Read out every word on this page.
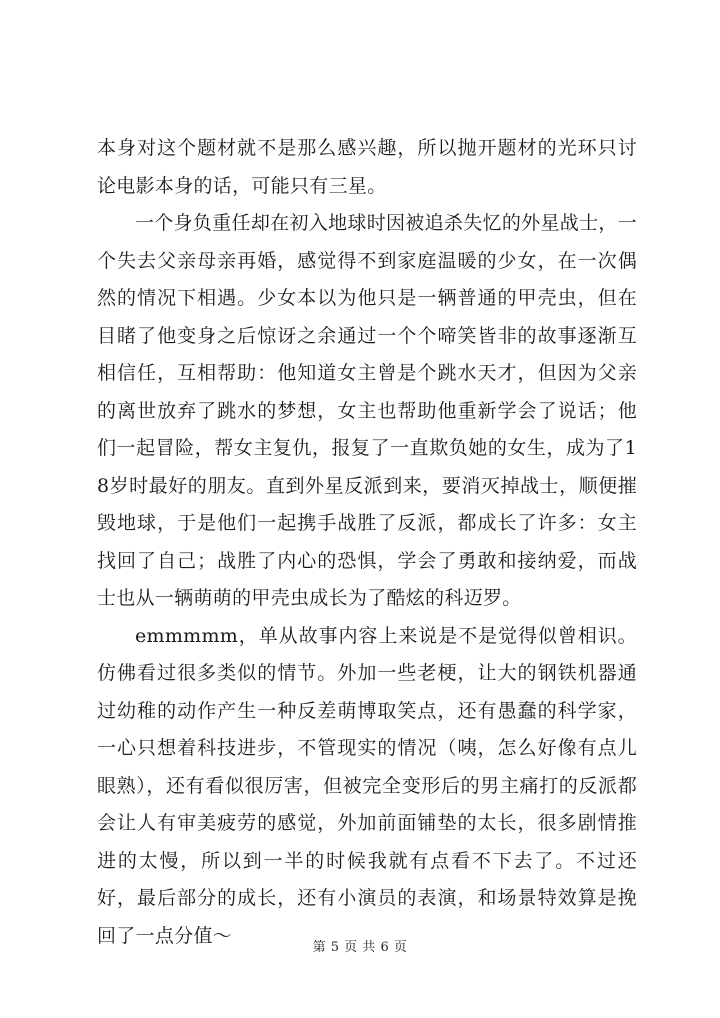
本身对这个题材就不是那么感兴趣，所以抛开题材的光环只讨论电影本身的话，可能只有三星。

一个身负重任却在初入地球时因被追杀失忆的外星战士，一个失去父亲母亲再婚，感觉得不到家庭温暖的少女，在一次偶然的情况下相遇。少女本以为他只是一辆普通的甲壳虫，但在目睹了他变身之后惊讶之余通过一个个啼笑皆非的故事逐渐互相信任，互相帮助：他知道女主曾是个跳水天才，但因为父亲的离世放弃了跳水的梦想，女主也帮助他重新学会了说话；他们一起冒险，帮女主复仇，报复了一直欺负她的女生，成为了18岁时最好的朋友。直到外星反派到来，要消灭掉战士，顺便摧毁地球，于是他们一起携手战胜了反派，都成长了许多：女主找回了自己；战胜了内心的恐惧，学会了勇敢和接纳爱，而战士也从一辆萌萌的甲壳虫成长为了酷炫的科迈罗。

emmmmm，单从故事内容上来说是不是觉得似曾相识。仿佛看过很多类似的情节。外加一些老梗，让大的钢铁机器通过幼稚的动作产生一种反差萌博取笑点，还有愚蠢的科学家，一心只想着科技进步，不管现实的情况（咦，怎么好像有点儿眼熟），还有看似很厉害，但被完全变形后的男主痛打的反派都会让人有审美疲劳的感觉，外加前面铺垫的太长，很多剧情推进的太慢，所以到一半的时候我就有点看不下去了。不过还好，最后部分的成长，还有小演员的表演，和场景特效算是挽回了一点分值～

第 5 页 共 6 页
